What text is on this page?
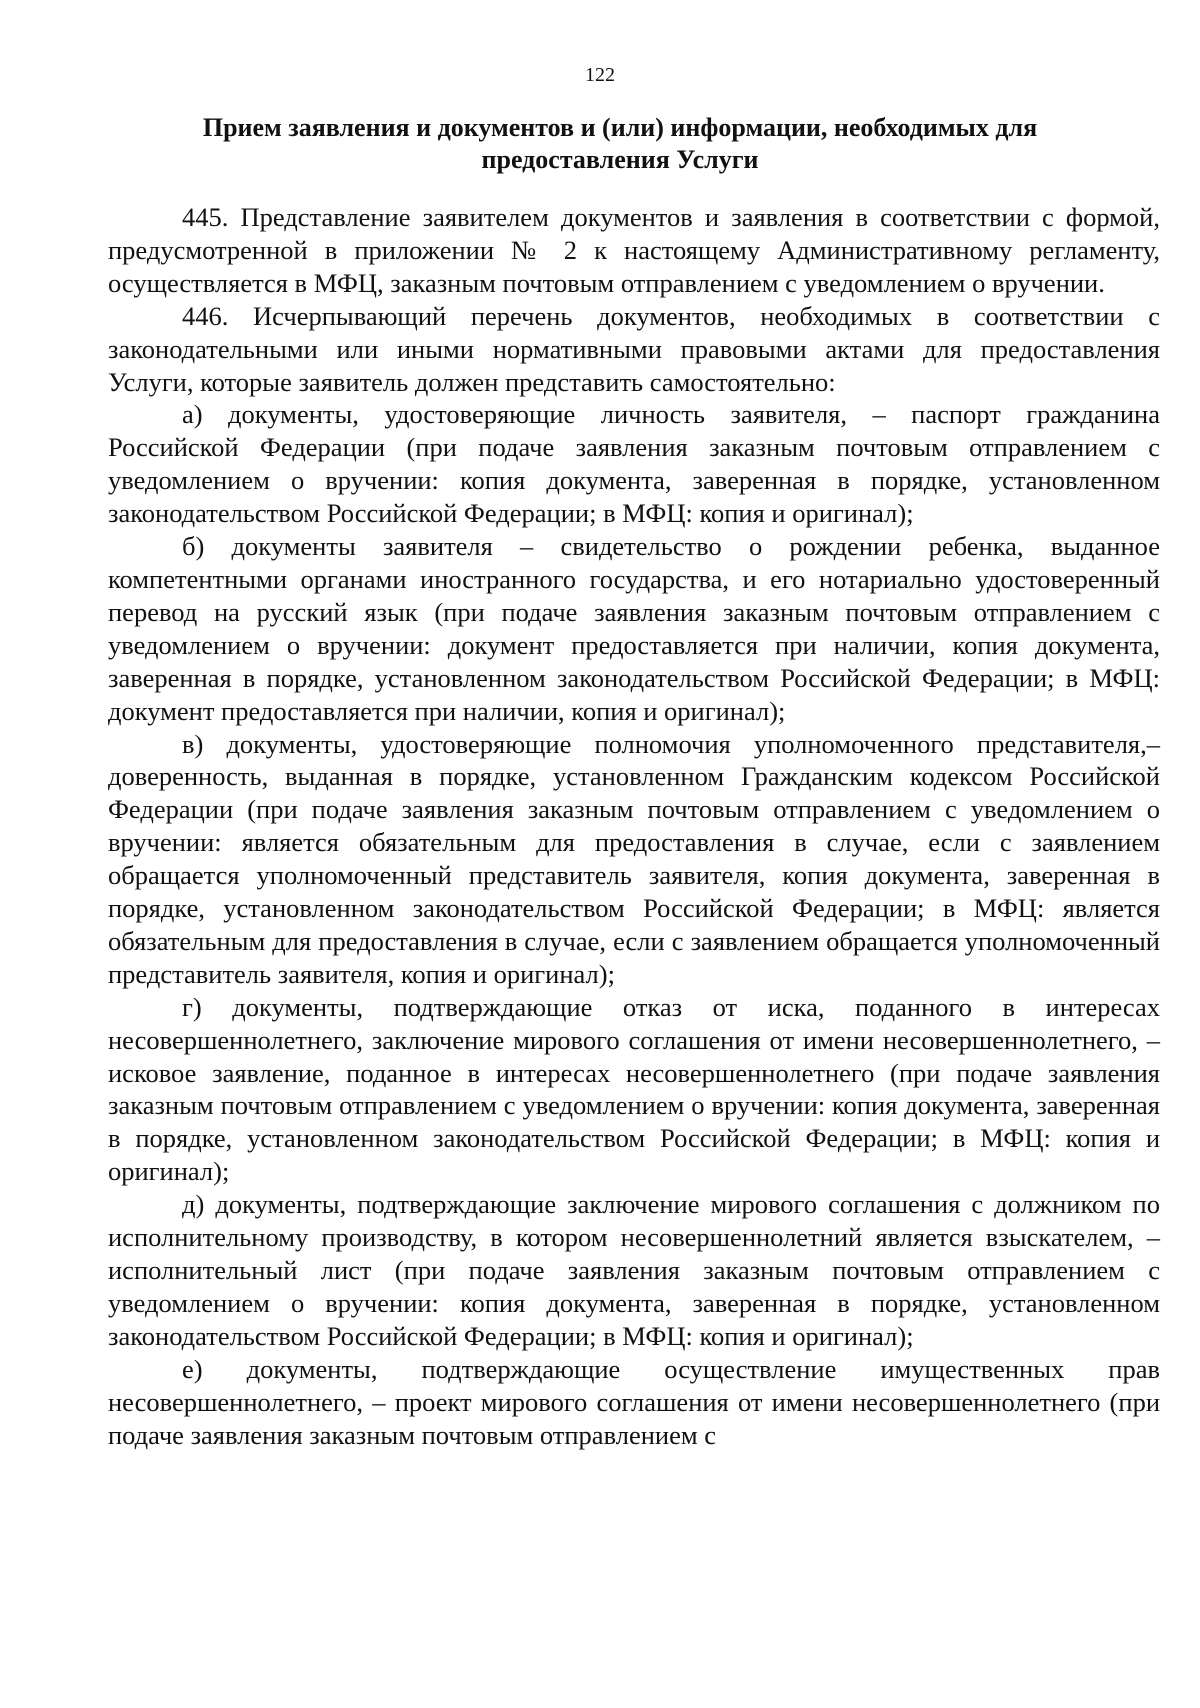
122
Прием заявления и документов и (или) информации, необходимых для
предоставления Услуги

445. Представление заявителем документов и заявления в соответствии с формой, предусмотренной в приложении № 2 к настоящему Административному регламенту, осуществляется в МФЦ, заказным почтовым отправлением с уведомлением о вручении.

446. Исчерпывающий перечень документов, необходимых в соответствии с законодательными или иными нормативными правовыми актами для предоставления Услуги, которые заявитель должен представить самостоятельно:

а) документы, удостоверяющие личность заявителя, – паспорт гражданина Российской Федерации (при подаче заявления заказным почтовым отправлением с уведомлением о вручении: копия документа, заверенная в порядке, установленном законодательством Российской Федерации; в МФЦ: копия и оригинал);

б) документы заявителя – свидетельство о рождении ребенка, выданное компетентными органами иностранного государства, и его нотариально удостоверенный перевод на русский язык (при подаче заявления заказным почтовым отправлением с уведомлением о вручении: документ предоставляется при наличии, копия документа, заверенная в порядке, установленном законодательством Российской Федерации; в МФЦ: документ предоставляется при наличии, копия и оригинал);

в) документы, удостоверяющие полномочия уполномоченного представителя,– доверенность, выданная в порядке, установленном Гражданским кодексом Российской Федерации (при подаче заявления заказным почтовым отправлением с уведомлением о вручении: является обязательным для предоставления в случае, если с заявлением обращается уполномоченный представитель заявителя, копия документа, заверенная в порядке, установленном законодательством Российской Федерации; в МФЦ: является обязательным для предоставления в случае, если с заявлением обращается уполномоченный представитель заявителя, копия и оригинал);

г) документы, подтверждающие отказ от иска, поданного в интересах несовершеннолетнего, заключение мирового соглашения от имени несовершеннолетнего, – исковое заявление, поданное в интересах несовершеннолетнего (при подаче заявления заказным почтовым отправлением с уведомлением о вручении: копия документа, заверенная в порядке, установленном законодательством Российской Федерации; в МФЦ: копия и оригинал);

д) документы, подтверждающие заключение мирового соглашения с должником по исполнительному производству, в котором несовершеннолетний является взыскателем, – исполнительный лист (при подаче заявления заказным почтовым отправлением с уведомлением о вручении: копия документа, заверенная в порядке, установленном законодательством Российской Федерации; в МФЦ: копия и оригинал);

е) документы, подтверждающие осуществление имущественных прав несовершеннолетнего, – проект мирового соглашения от имени несовершеннолетнего (при подаче заявления заказным почтовым отправлением с
